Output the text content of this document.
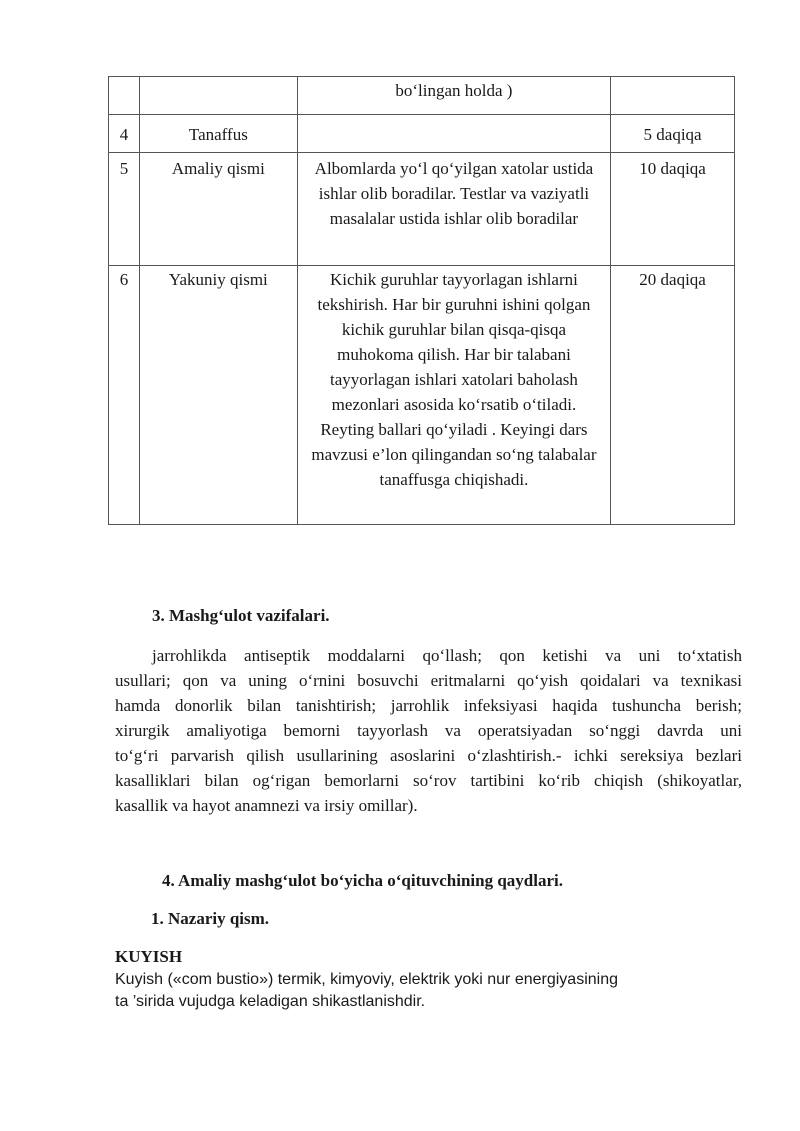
		bo‘lingan holda )	
4	Tanaffus		5 daqiqa
5	Amaliy qismi	Albomlarda yo‘l qo‘yilgan xatolar ustida ishlar olib boradilar. Testlar va vaziyatli masalalar ustida ishlar olib boradilar	10 daqiqa
6	Yakuniy qismi	Kichik guruhlar tayyorlagan ishlarni tekshirish. Har bir guruhni ishini qolgan kichik guruhlar bilan qisqa-qisqa muhokoma qilish. Har bir talabani tayyorlagan ishlari xatolari baholash mezonlari asosida ko‘rsatib o‘tiladi. Reyting ballari qo‘yiladi . Keyingi dars mavzusi e’lon qilingandan so‘ng talabalar tanaffusga chiqishadi.	20 daqiqa
3. Mashg‘ulot vazifalari.
jarrohlikda antiseptik moddalarni qo‘llash; qon ketishi va uni to‘xtatish
usullari; qon va uning o‘rnini bosuvchi eritmalarni qo‘yish qoidalari va texnikasi
hamda donorlik bilan tanishtirish; jarrohlik infeksiyasi haqida tushuncha berish;
xirurgik amaliyotiga bemorni tayyorlash va operatsiyadan so‘nggi davrda uni
to‘g‘ri parvarish qilish usullarining asoslarini o‘zlashtirish.- ichki sereksiya bezlari
kasalliklari bilan og‘rigan bemorlarni so‘rov tartibini ko‘rib chiqish (shikoyatlar,
kasallik va hayot anamnezi va irsiy omillar).
4. Amaliy mashg‘ulot bo‘yicha o‘qituvchining qaydlari.
1. Nazariy qism.
KUYISH
Kuyish («com bustio») termik, kimyoviy, elektrik yoki nur energiyasining
ta ’sirida vujudga keladigan shikastlanishdir.
